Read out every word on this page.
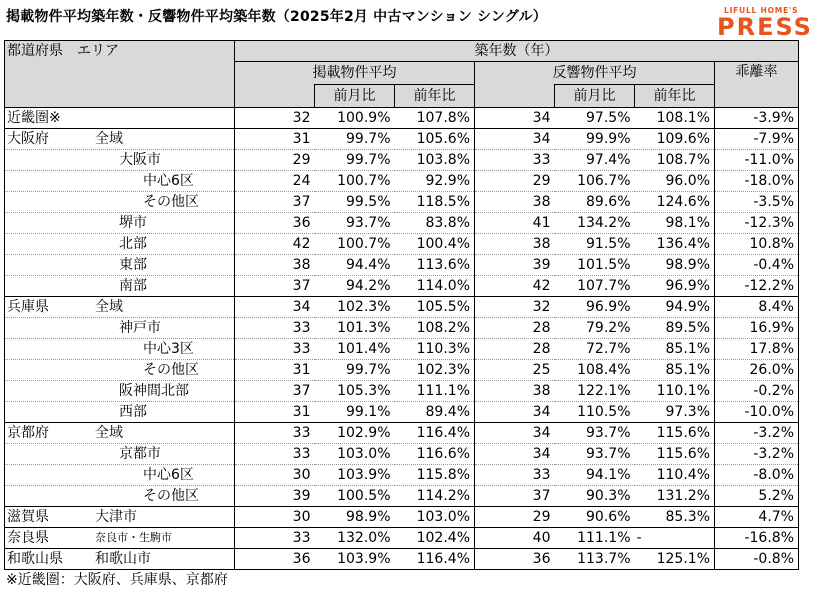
掲載物件平均築年数・反響物件平均築年数（2025年2月 中古マンション シングル）	LIFULL HOME'S
PRESS
都道府県　エリア	築年数（年）						
	掲載物件平均			反響物件平均			乖離率
		前月比	前年比		前月比	前年比	

近畿圏※	32	100.9%	107.8%	34	97.5%	108.1%	-3.9%

大阪府 全域	31	99.7%	105.6%	34	99.9%	109.6%	-7.9%

大阪市	29	99.7%	103.8%	33	97.4%	108.7%	-11.0%

中心6区	24	100.7%	92.9%	29	106.7%	96.0%	-18.0%

その他区	37	99.5%	118.5%	38	89.6%	124.6%	-3.5%

堺市	36	93.7%	83.8%	41	134.2%	98.1%	-12.3%

北部	42	100.7%	100.4%	38	91.5%	136.4%	10.8%

東部	38	94.4%	113.6%	39	101.5%	98.9%	-0.4%

南部	37	94.2%	114.0%	42	107.7%	96.9%	-12.2%

兵庫県 全域	34	102.3%	105.5%	32	96.9%	94.9%	8.4%

神戸市	33	101.3%	108.2%	28	79.2%	89.5%	16.9%

中心3区	33	101.4%	110.3%	28	72.7%	85.1%	17.8%

その他区	31	99.7%	102.3%	25	108.4%	85.1%	26.0%

阪神間北部	37	105.3%	111.1%	38	122.1%	110.1%	-0.2%

西部	31	99.1%	89.4%	34	110.5%	97.3%	-10.0%

京都府 全域	33	102.9%	116.4%	34	93.7%	115.6%	-3.2%

京都市	33	103.0%	116.6%	34	93.7%	115.6%	-3.2%

中心6区	30	103.9%	115.8%	33	94.1%	110.4%	-8.0%

その他区	39	100.5%	114.2%	37	90.3%	131.2%	5.2%

滋賀県 大津市	30	98.9%	103.0%	29	90.6%	85.3%	4.7%

奈良県 奈良市・生駒市	33	132.0%	102.4%	40	111.1%	-	-16.8%

和歌山県 和歌山市	36	103.9%	116.4%	36	113.7%	125.1%	-0.8%
※近畿圏：大阪府、兵庫県、京都府
